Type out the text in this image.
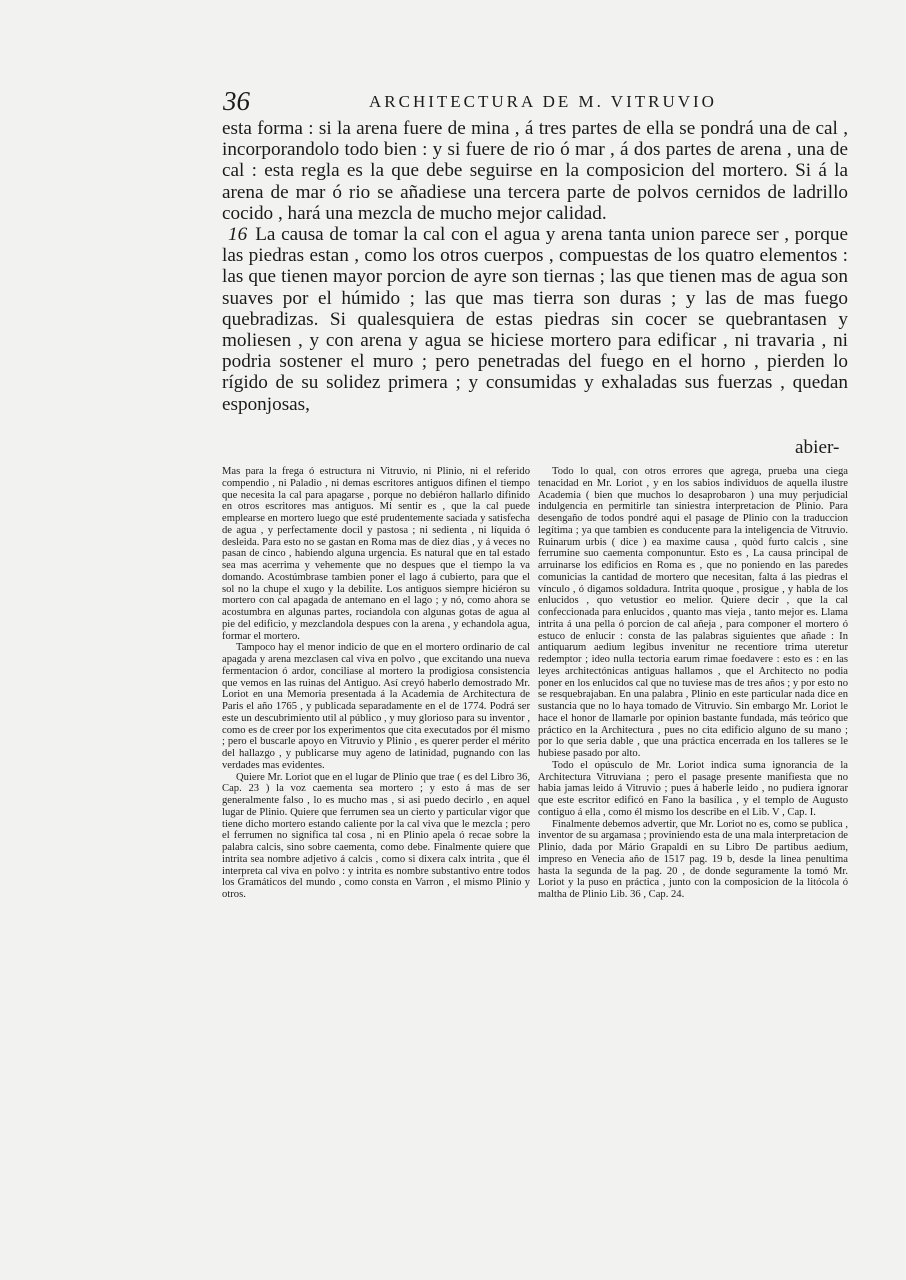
36	ARCHITECTURA DE M. VITRUVIO

esta forma : si la arena fuere de mina , á tres partes de ella se pondrá una de cal , incorporandolo todo bien : y si fuere de rio ó mar , á dos partes de arena , una de cal : esta regla es la que debe seguirse en la composicion del mortero. Si á la arena de mar ó rio se añadiese una tercera parte de polvos cernidos de ladrillo cocido , hará una mezcla de mucho mejor calidad.

16 La causa de tomar la cal con el agua y arena tanta union parece ser , porque las piedras estan , como los otros cuerpos , compuestas de los quatro elementos : las que tienen mayor porcion de ayre son tiernas ; las que tienen mas de agua son suaves por el húmido ; las que mas tierra son duras ; y las de mas fuego quebradizas. Si qualesquiera de estas piedras sin cocer se quebrantasen y moliesen , y con arena y agua se hiciese mortero para edificar , ni travaria , ni podria sostener el muro ; pero penetradas del fuego en el horno , pierden lo rígido de su solidez primera ; y consumidas y exhaladas sus fuerzas , quedan esponjosas,

abier-

Mas para la frega ó estructura ni Vitruvio, ni Plinio, ni el referido compendio , ni Paladio , ni demas escritores antiguos difinen el tiempo que necesita la cal para apagarse , porque no debiéron hallarlo difinido en otros escritores mas antiguos. Mi sentir es , que la cal puede emplearse en mortero luego que esté prudentemente saciada y satisfecha de agua , y perfectamente docil y pastosa ; ni sedienta , ni líquida ó desleida. Para esto no se gastan en Roma mas de diez dias , y á veces no pasan de cinco , habiendo alguna urgencia. Es natural que en tal estado sea mas acerrima y vehemente que no despues que el tiempo la va domando. Acostúmbrase tambien poner el lago á cubierto, para que el sol no la chupe el xugo y la debilite. Los antiguos siempre hiciéron su mortero con cal apagada de antemano en el lago ; y nó, como ahora se acostumbra en algunas partes, rociandola con algunas gotas de agua al pie del edificio, y mezclandola despues con la arena , y echandola agua, formar el mortero.

Tampoco hay el menor indicio de que en el mortero ordinario de cal apagada y arena mezclasen cal viva en polvo , que excitando una nueva fermentacion ó ardor, conciliase al mortero la prodigiosa consistencia que vemos en las ruinas del Antiguo. Así creyó haberlo demostrado Mr. Loriot en una Memoria presentada á la Academia de Architectura de Paris el año 1765 , y publicada separadamente en el de 1774. Podrá ser este un descubrimiento util al público , y muy glorioso para su inventor , como es de creer por los experimentos que cita executados por él mismo ; pero el buscarle apoyo en Vitruvio y Plinio , es querer perder el mérito del hallazgo , y publicarse muy ageno de latinidad, pugnando con las verdades mas evidentes.

Quiere Mr. Loriot que en el lugar de Plinio que trae ( es del Libro 36, Cap. 23 ) la voz caementa sea mortero ; y esto á mas de ser generalmente falso , lo es mucho mas , si asi puedo decirlo , en aquel lugar de Plinio. Quiere que ferrumen sea un cierto y particular vigor que tiene dicho mortero estando caliente por la cal viva que le mezcla ; pero el ferrumen no significa tal cosa , ni en Plinio apela ó recae sobre la palabra calcis, sino sobre caementa, como debe. Finalmente quiere que intrita sea nombre adjetivo á calcis , como si dixera calx intrita , que él interpreta cal viva en polvo : y intrita es nombre substantivo entre todos los Gramáticos del mundo , como consta en Varron , el mismo Plinio y otros.

Todo lo qual, con otros errores que agrega, prueba una ciega tenacidad en Mr. Loriot , y en los sabios individuos de aquella ilustre Academia ( bien que muchos lo desaprobaron ) una muy perjudicial indulgencia en permitirle tan siniestra interpretacion de Plinio. Para desengaño de todos pondré aqui el pasage de Plinio con la traduccion legítima ; ya que tambien es conducente para la inteligencia de Vitruvio. Ruinarum urbis ( dice ) ea maxime causa , quòd furto calcis , sine ferrumine suo caementa componuntur. Esto es , La causa principal de arruinarse los edificios en Roma es , que no poniendo en las paredes comunicias la cantidad de mortero que necesitan, falta á las piedras el vínculo , ó digamos soldadura. Intrita quoque , prosigue , y habla de los enlucidos , quo vetustior eo melior. Quiere decir , que la cal confeccionada para enlucidos , quanto mas vieja , tanto mejor es. Llama intrita á una pella ó porcion de cal añeja , para componer el mortero ó estuco de enlucir : consta de las palabras siguientes que añade : In antiquarum aedium legibus invenitur ne recentiore trima uteretur redemptor ; ideo nulla tectoria earum rimae foedavere : esto es : en las leyes architectónicas antiguas hallamos , que el Architecto no podia poner en los enlucidos cal que no tuviese mas de tres años ; y por esto no se resquebrajaban. En una palabra , Plinio en este particular nada dice en sustancia que no lo haya tomado de Vitruvio. Sin embargo Mr. Loriot le hace el honor de llamarle por opinion bastante fundada, más teórico que práctico en la Architectura , pues no cita edificio alguno de su mano ; por lo que seria dable , que una práctica encerrada en los talleres se le hubiese pasado por alto.

Todo el opúsculo de Mr. Loriot indica suma ignorancia de la Architectura Vitruviana ; pero el pasage presente manifiesta que no habia jamas leido á Vitruvio ; pues á haberle leido , no pudiera ignorar que este escritor edificó en Fano la basílica , y el templo de Augusto contiguo á ella , como él mismo los describe en el Lib. V , Cap. I.

Finalmente debemos advertir, que Mr. Loriot no es, como se publica , inventor de su argamasa ; proviniendo esta de una mala interpretacion de Plinio, dada por Mário Grapaldi en su Libro De partibus aedium, impreso en Venecia año de 1517 pag. 19 b, desde la linea penultima hasta la segunda de la pag. 20 , de donde seguramente la tomó Mr. Loriot y la puso en práctica , junto con la composicion de la litócola ó maltha de Plinio Lib. 36 , Cap. 24.
